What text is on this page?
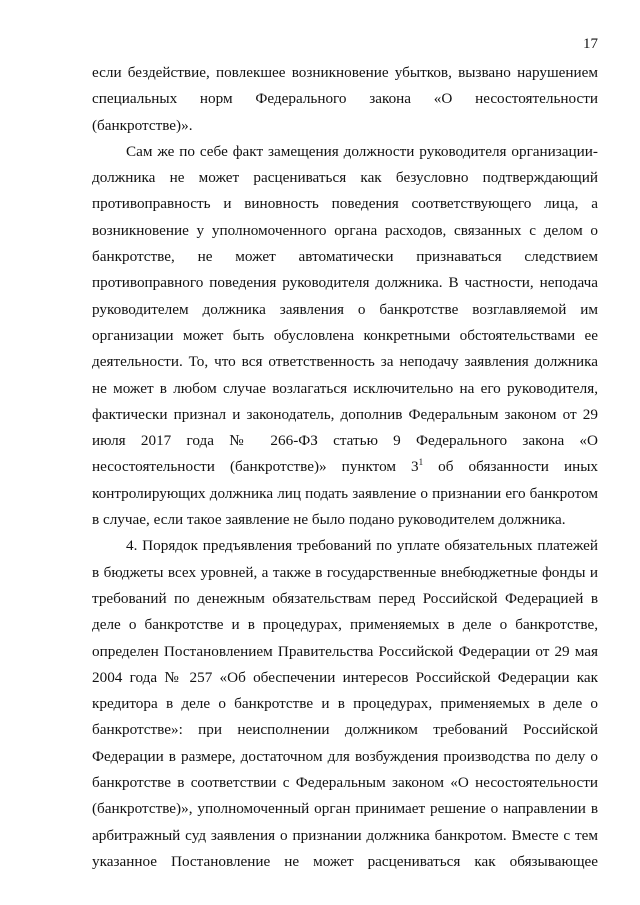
17
если бездействие, повлекшее возникновение убытков, вызвано нарушением
специальных норм Федерального закона «О несостоятельности
(банкротстве)».
Сам же по себе факт замещения должности руководителя организации-
должника не может расцениваться как безусловно подтверждающий
противоправность и виновность поведения соответствующего лица, а
возникновение у уполномоченного органа расходов, связанных с делом о
банкротстве, не может автоматически признаваться следствием
противоправного поведения руководителя должника. В частности, неподача
руководителем должника заявления о банкротстве возглавляемой им
организации может быть обусловлена конкретными обстоятельствами ее
деятельности. То, что вся ответственность за неподачу заявления должника
не может в любом случае возлагаться исключительно на его руководителя,
фактически признал и законодатель, дополнив Федеральным законом от 29
июля 2017 года № 266-ФЗ статью 9 Федерального закона «О
несостоятельности (банкротстве)» пунктом $3^1$ об обязанности иных
контролирующих должника лиц подать заявление о признании его банкротом
в случае, если такое заявление не было подано руководителем должника.
4. Порядок предъявления требований по уплате обязательных платежей
в бюджеты всех уровней, а также в государственные внебюджетные фонды и
требований по денежным обязательствам перед Российской Федерацией в
деле о банкротстве и в процедурах, применяемых в деле о банкротстве,
определен Постановлением Правительства Российской Федерации от 29 мая
2004 года № 257 «Об обеспечении интересов Российской Федерации как
кредитора в деле о банкротстве и в процедурах, применяемых в деле о
банкротстве»: при неисполнении должником требований Российской
Федерации в размере, достаточном для возбуждения производства по делу о
банкротстве в соответствии с Федеральным законом «О несостоятельности
(банкротстве)», уполномоченный орган принимает решение о направлении в
арбитражный суд заявления о признании должника банкротом. Вместе с тем
указанное Постановление не может расцениваться как обязывающее
